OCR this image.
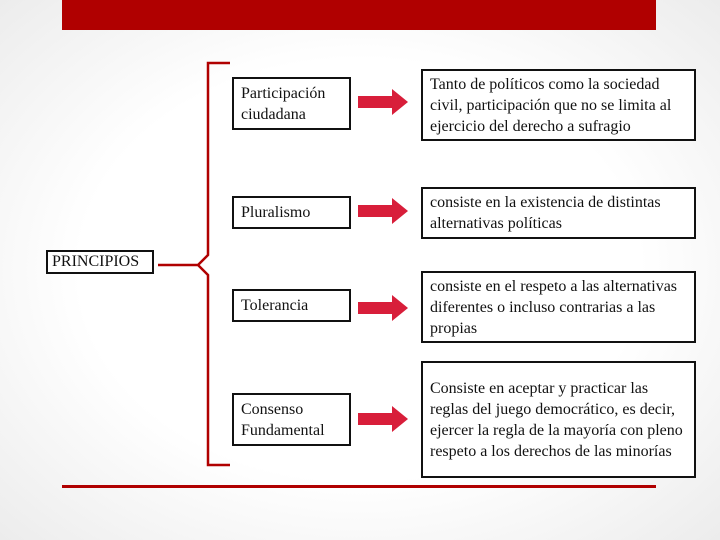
PRINCIPIOS
Participación ciudadana
Tanto de políticos como la sociedad civil, participación que no se limita al ejercicio del derecho a sufragio
Pluralismo
consiste en la existencia de distintas alternativas políticas
Tolerancia
consiste en el respeto a las alternativas diferentes o incluso contrarias a las propias
Consenso Fundamental
Consiste en aceptar y practicar las reglas del juego democrático, es decir, ejercer la regla de la mayoría con pleno respeto a los derechos de las minorías
